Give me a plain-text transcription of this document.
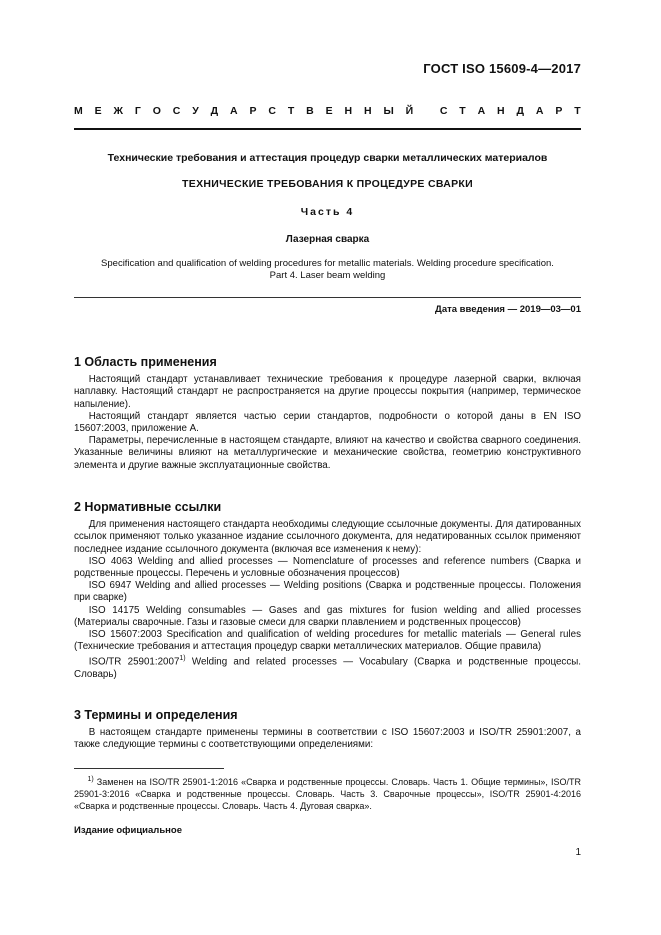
ГОСТ ISO 15609-4—2017
М Е Ж Г О С У Д А Р С Т В Е Н Н Ы Й
	С Т А Н Д А Р Т
Технические требования и аттестация процедур сварки металлических материалов
ТЕХНИЧЕСКИЕ ТРЕБОВАНИЯ К ПРОЦЕДУРЕ СВАРКИ
Часть 4
Лазерная сварка
Specification and qualification of welding procedures for metallic materials. Welding procedure specification.
Part 4. Laser beam welding
Дата введения — 2019—03—01
1 Область применения

  Настоящий стандарт устанавливает технические требования к процедуре лазерной сварки, включая наплавку. Настоящий стандарт не распространяется на другие процессы покрытия (например, термическое напыление).

  Настоящий стандарт является частью серии стандартов, подробности о которой даны в EN ISO 15607:2003, приложение А.

  Параметры, перечисленные в настоящем стандарте, влияют на качество и свойства сварного соединения. Указанные величины влияют на металлургические и механические свойства, геометрию конструктивного элемента и другие важные эксплуатационные свойства.

2 Нормативные ссылки

  Для применения настоящего стандарта необходимы следующие ссылочные документы. Для датированных ссылок применяют только указанное издание ссылочного документа, для недатированных ссылок применяют последнее издание ссылочного документа (включая все изменения к нему):

  ISO 4063 Welding and allied processes — Nomenclature of processes and reference numbers (Сварка и родственные процессы. Перечень и условные обозначения процессов)

  ISO 6947 Welding and allied processes — Welding positions (Сварка и родственные процессы. Положения при сварке)

  ISO 14175 Welding consumables — Gases and gas mixtures for fusion welding and allied processes (Материалы сварочные. Газы и газовые смеси для сварки плавлением и родственных процессов)

  ISO 15607:2003 Specification and qualification of welding procedures for metallic materials — General rules (Технические требования и аттестация процедур сварки металлических материалов. Общие правила)

  ISO/TR 25901:2007$^{1)}$ Welding and related processes — Vocabulary (Сварка и родственные процессы. Словарь)

3 Термины и определения

  В настоящем стандарте применены термины в соответствии с ISO 15607:2003 и ISO/TR 25901:2007, а также следующие термины с соответствующими определениями:

  $^{1)}$ Заменен на ISO/TR 25901-1:2016 «Сварка и родственные процессы. Словарь. Часть 1. Общие термины», ISO/TR 25901-3:2016 «Сварка и родственные процессы. Словарь. Часть 3. Сварочные процессы», ISO/TR 25901-4:2016 «Сварка и родственные процессы. Словарь. Часть 4. Дуговая сварка».
Издание официальное
1
